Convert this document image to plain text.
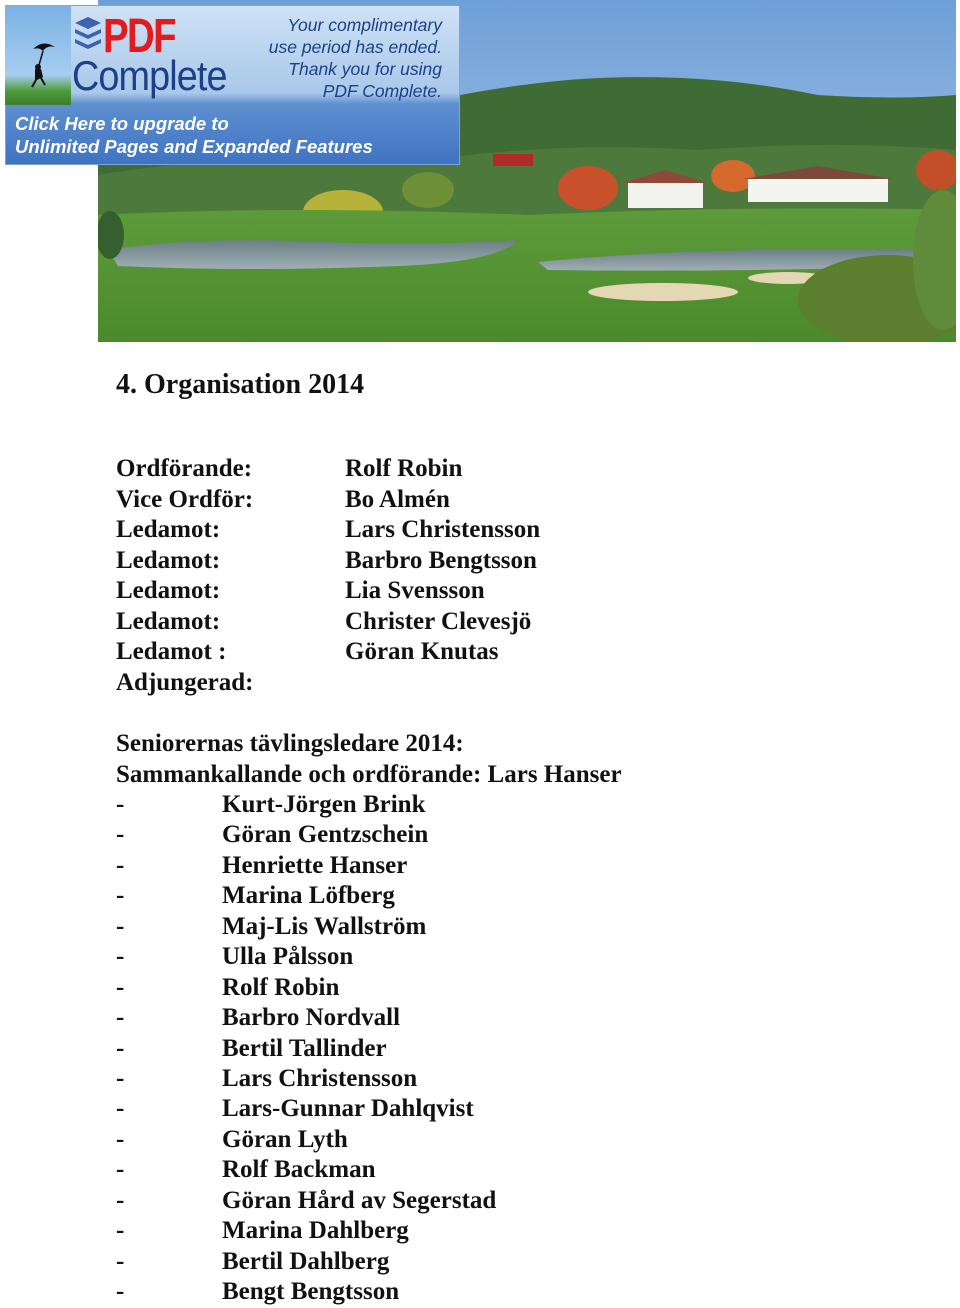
PDF
Complete
Your complimentary
use period has ended.
Thank you for using
PDF Complete.
Click Here to upgrade to
Unlimited Pages and Expanded Features
4. Organisation 2014
Ordförande:	Rolf Robin
Vice Ordför:	Bo Almén
Ledamot:	Lars Christensson
Ledamot:	Barbro Bengtsson
Ledamot:	Lia Svensson
Ledamot:	Christer Clevesjö
Ledamot :	Göran Knutas
Adjungerad:
Seniorernas tävlingsledare 2014:
Sammankallande och ordförande: Lars Hanser
-	Kurt-Jörgen Brink
-	Göran Gentzschein
-	Henriette Hanser
-	Marina Löfberg
-	Maj-Lis Wallström
-	Ulla Pålsson
-	Rolf Robin
-	Barbro Nordvall
-	Bertil Tallinder
-	Lars Christensson
-	Lars-Gunnar Dahlqvist
-	Göran Lyth
-	Rolf Backman
-	Göran Hård av Segerstad
-	Marina Dahlberg
-	Bertil Dahlberg
-	Bengt Bengtsson
